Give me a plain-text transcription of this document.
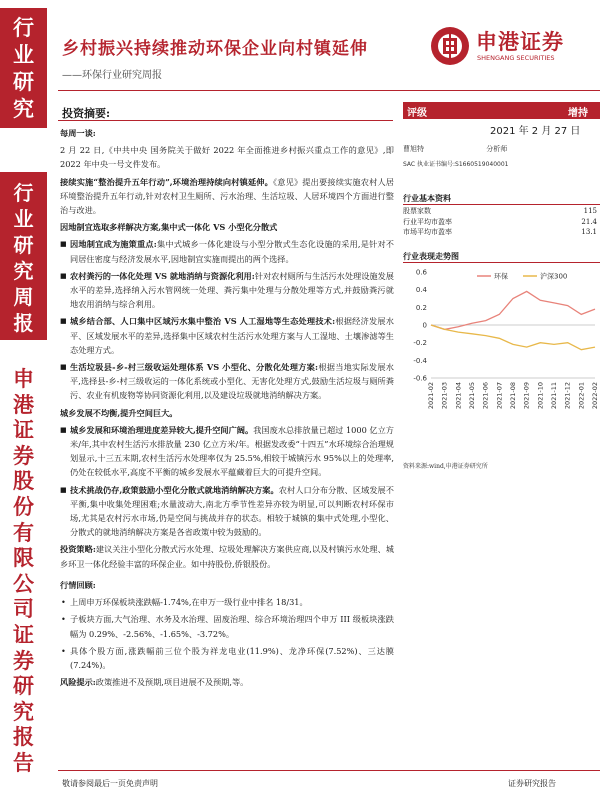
行
业
研
究
行
业
研
究
周
报
申
港
证
券
股
份
有
限
公
司
证
券
研
究
报
告
乡村振兴持续推动环保企业向村镇延伸
——环保行业研究周报
申港证券
SHENGANG SECURITIES
投资摘要:

每周一谈:

2 月 22 日,《中共中央 国务院关于做好 2022 年全面推进乡村振兴重点工作的意见》,即 2022 年中央一号文件发布。

接续实施“整治提升五年行动”,环境治理持续向村镇延伸。《意见》提出要接续实施农村人居环境整治提升五年行动,针对农村卫生厕所、污水治理、生活垃圾、人居环境四个方面进行整治与改进。

因地制宜选取多样解决方案,集中式一体化 VS 小型化分散式

■ 因地制宜成为施策重点:集中式城乡一体化建设与小型分散式生态化设施的采用,是针对不同居住密度与经济发展水平,因地制宜实施而提出的两个选择。

■ 农村粪污的一体化处理 VS 就地消纳与资源化利用:针对农村厕所与生活污水处理设施发展水平的差异,选择纳入污水管网统一处理、粪污集中处理与分散处理等方式,并鼓励粪污就地农用消纳与综合利用。

■ 城乡结合部、人口集中区域污水集中整治 VS 人工湿地等生态处理技术:根据经济发展水平、区域发展水平的差异,选择集中区域农村生活污水处理方案与人工湿地、土壤渗滤等生态处理方式。

■ 生活垃圾县-乡-村三级收运处理体系 VS 小型化、分散化处理方案:根据当地实际发展水平,选择县-乡-村三级收运的一体化系统或小型化、无害化处理方式,鼓励生活垃圾与厕所粪污、农业有机废物等协同资源化利用,以及建设垃圾就地消纳解决方案。

城乡发展不均衡,提升空间巨大。

■ 城乡发展和环境治理进度差异较大,提升空间广阔。我国废水总排放量已超过 1000 亿立方米/年,其中农村生活污水排放量 230 亿立方米/年。根据发改委“十四五”水环境综合治理规划显示,十三五末期,农村生活污水处理率仅为 25.5%,相较于城镇污水 95%以上的处理率,仍处在较低水平,高度不平衡的城乡发展水平蕴藏着巨大的可提升空间。

■ 技术挑战仍存,政策鼓励小型化分散式就地消纳解决方案。农村人口分布分散、区域发展不平衡,集中收集处理困难;水量波动大,南北方季节性差异亦较为明显,可以判断农村环保市场,尤其是农村污水市场,仍是空间与挑战并存的状态。相较于城镇的集中式处理,小型化、分散式的就地消纳解决方案是各省政策中较为鼓励的。

投资策略:建议关注小型化分散式污水处理、垃圾处理解决方案供应商,以及村镇污水处理、城乡环卫一体化经验丰富的环保企业。如中持股份,侨银股份。

行情回顾:

• 上周申万环保板块涨跌幅-1.74%,在申万一级行业中排名 18/31。

• 子板块方面,大气治理、水务及水治理、固废治理、综合环境治理四个申万 III 级板块涨跌幅为 0.29%、-2.56%、-1.65%、-3.72%。

• 具体个股方面,涨跌幅前三位个股为祥龙电业(11.9%)、龙净环保(7.52%)、三达膜(7.24%)。

风险提示:政策推进不及预期,项目进展不及预期,等。

评级	增持
2021 年 2 月 27 日
曹旭特	分析师
SAC 执业证书编号:S1660519040001
行业基本资料
股票家数	115
行业平均市盈率	21.4
市场平均市盈率	13.1
行业表现走势图
0.6
0.4
0.2
0
-0.2
-0.4
-0.6
2021-02 2021-03 2021-04 2021-05 2021-06 2021-07 2021-08 2021-09 2021-10 2021-11 2021-12 2022-01 2022-02
环保	沪深300
资料来源:wind,申港证券研究所
敬请参阅最后一页免责声明	证券研究报告
